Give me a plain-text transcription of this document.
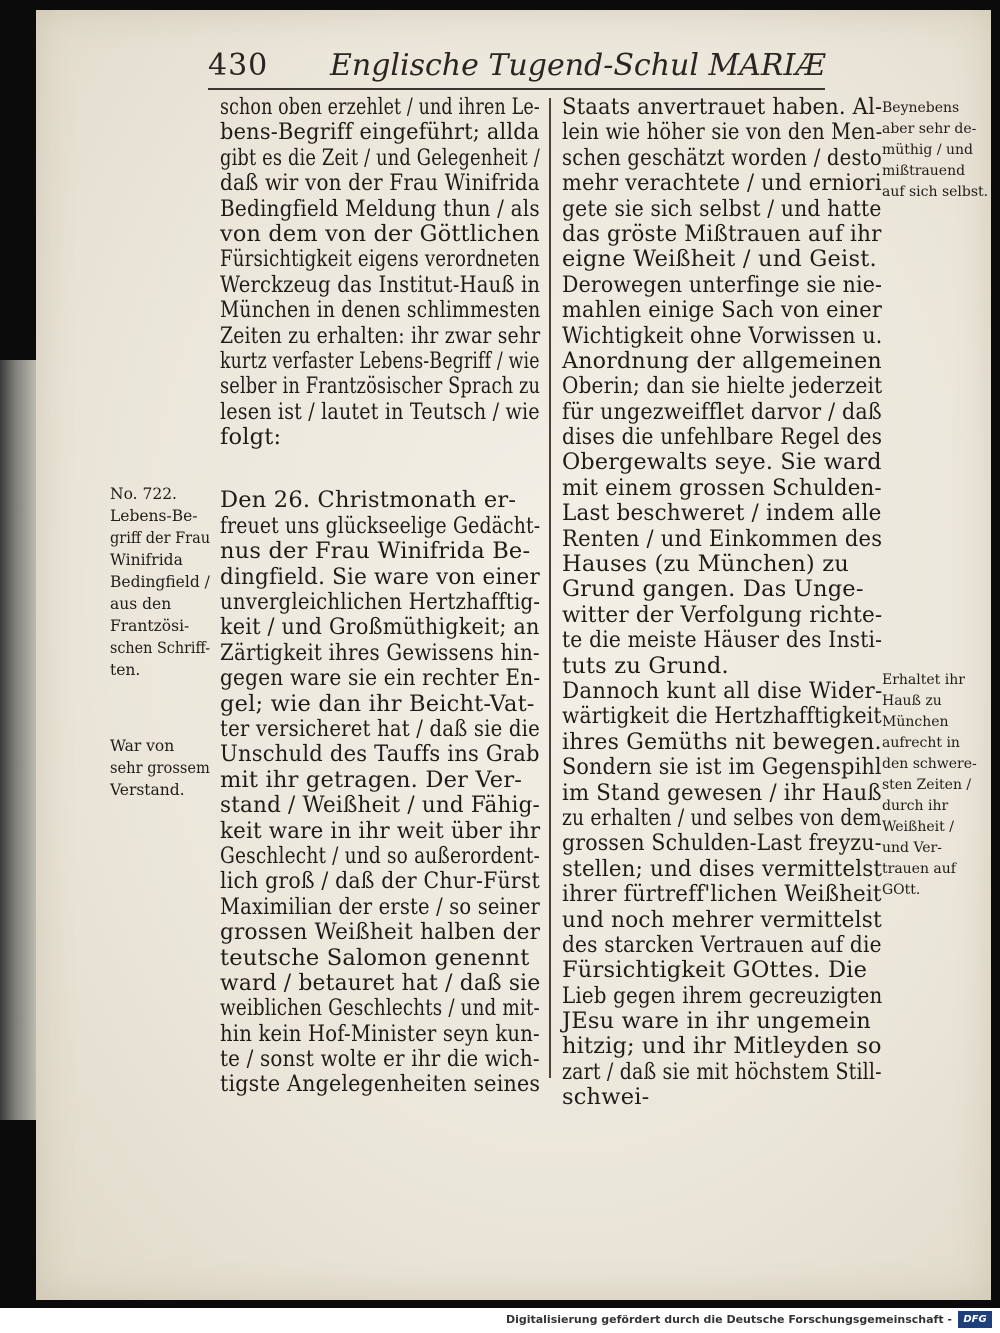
430 Englische Tugend-Schul MARIÆ
schon oben erzehlet / und ihren Le-
bens-Begriff eingeführt; allda
gibt es die Zeit / und Gelegenheit /
daß wir von der Frau Winifrida
Bedingfield Meldung thun / als
von dem von der Göttlichen
Fürsichtigkeit eigens verordneten
Werckzeug das Institut-Hauß in
München in denen schlimmesten
Zeiten zu erhalten: ihr zwar sehr
kurtz verfaster Lebens-Begriff / wie
selber in Frantzösischer Sprach zu
lesen ist / lautet in Teutsch / wie
folgt:
Den 26. Christmonath er-
freuet uns glückseelige Gedächt-
nus der Frau Winifrida Be-
dingfield. Sie ware von einer
unvergleichlichen Hertzhafftig-
keit / und Großmüthigkeit; an
Zärtigkeit ihres Gewissens hin-
gegen ware sie ein rechter En-
gel; wie dan ihr Beicht-Vat-
ter versicheret hat / daß sie die
Unschuld des Tauffs ins Grab
mit ihr getragen. Der Ver-
stand / Weißheit / und Fähig-
keit ware in ihr weit über ihr
Geschlecht / und so außerordent-
lich groß / daß der Chur-Fürst
Maximilian der erste / so seiner
grossen Weißheit halben der
teutsche Salomon genennt
ward / betauret hat / daß sie
weiblichen Geschlechts / und mit-
hin kein Hof-Minister seyn kun-
te / sonst wolte er ihr die wich-
tigste Angelegenheiten seines
Staats anvertrauet haben. Al-
lein wie höher sie von den Men-
schen geschätzt worden / desto
mehr verachtete / und erniori
gete sie sich selbst / und hatte
das gröste Mißtrauen auf ihr
eigne Weißheit / und Geist.
Derowegen unterfinge sie nie-
mahlen einige Sach von einer
Wichtigkeit ohne Vorwissen u.
Anordnung der allgemeinen
Oberin; dan sie hielte jederzeit
für ungezweifflet darvor / daß
dises die unfehlbare Regel des
Obergewalts seye. Sie ward
mit einem grossen Schulden-
Last beschweret / indem alle
Renten / und Einkommen des
Hauses (zu München) zu
Grund gangen. Das Unge-
witter der Verfolgung richte-
te die meiste Häuser des Insti-
tuts zu Grund.
Dannoch kunt all dise Wider-
wärtigkeit die Hertzhafftigkeit
ihres Gemüths nit bewegen.
Sondern sie ist im Gegenspihl
im Stand gewesen / ihr Hauß
zu erhalten / und selbes von dem
grossen Schulden-Last freyzu-
stellen; und dises vermittelst
ihrer fürtreff'lichen Weißheit
und noch mehrer vermittelst
des starcken Vertrauen auf die
Fürsichtigkeit GOttes. Die
Lieb gegen ihrem gecreuzigten
JEsu ware in ihr ungemein
hitzig; und ihr Mitleyden so
zart / daß sie mit höchstem Still-
schwei-
No. 722.
Lebens-Be-
griff der Frau
Winifrida
Bedingfield /
aus den
Frantzösi-
schen Schriff-
ten.
War von
sehr grossem
Verstand.
Beynebens
aber sehr de-
müthig / und
mißtrauend
auf sich selbst.
Erhaltet ihr
Hauß zu
München
aufrecht in
den schwere-
sten Zeiten /
durch ihr
Weißheit /
und Ver-
trauen auf
GOtt.
Digitalisierung gefördert durch die Deutsche Forschungsgemeinschaft -	DFG
